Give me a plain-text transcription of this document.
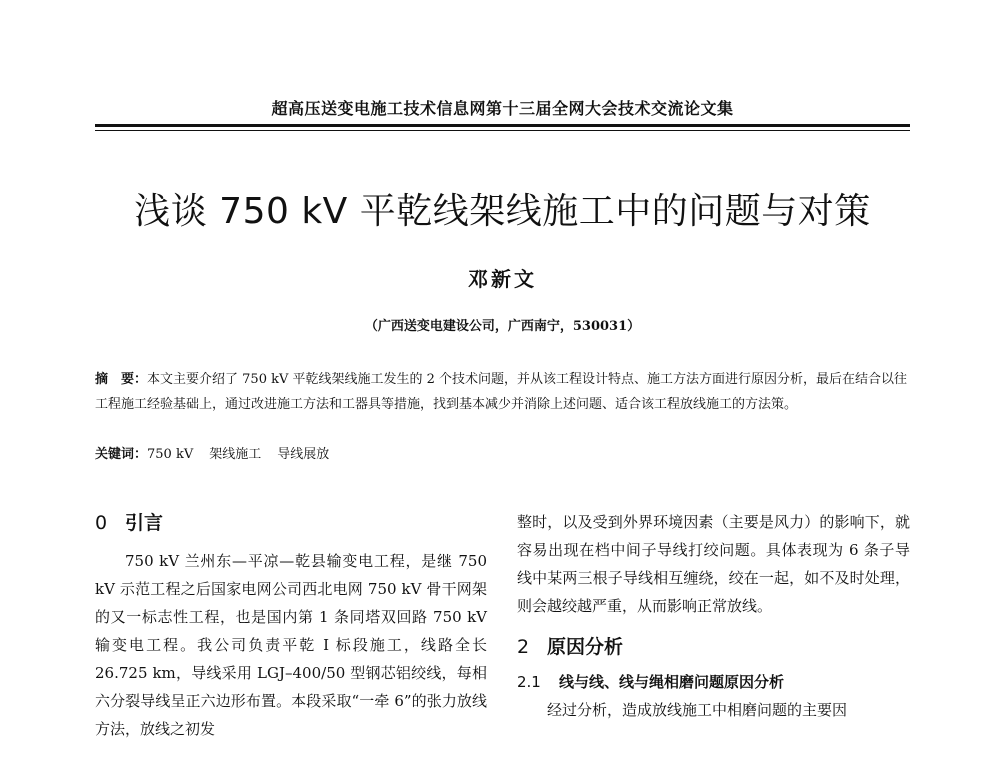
超高压送变电施工技术信息网第十三届全网大会技术交流论文集
浅谈 750 kV 平乾线架线施工中的问题与对策
邓新文
（广西送变电建设公司，广西南宁，530031）
摘　要：本文主要介绍了 750 kV 平乾线架线施工发生的 2 个技术问题，并从该工程设计特点、施工方法方面进行原因分析，最后在结合以往工程施工经验基础上，通过改进施工方法和工器具等措施，找到基本减少并消除上述问题、适合该工程放线施工的方法策。
关键词：750 kV 架线施工 导线展放
0 引言

750 kV 兰州东—平凉—乾县输变电工程，是继 750 kV 示范工程之后国家电网公司西北电网 750 kV 骨干网架的又一标志性工程，也是国内第 1 条同塔双回路 750 kV 输变电工程。我公司负责平乾 I 标段施工，线路全长 26.725 km，导线采用 LGJ–400/50 型钢芯铝绞线，每相六分裂导线呈正六边形布置。本段采取“一牵 6”的张力放线方法，放线之初发

整时，以及受到外界环境因素（主要是风力）的影响下，就容易出现在档中间子导线打绞问题。具体表现为 6 条子导线中某两三根子导线相互缠绕，绞在一起，如不及时处理，则会越绞越严重，从而影响正常放线。

2 原因分析
2.1 线与线、线与绳相磨问题原因分析

经过分析，造成放线施工中相磨问题的主要因
